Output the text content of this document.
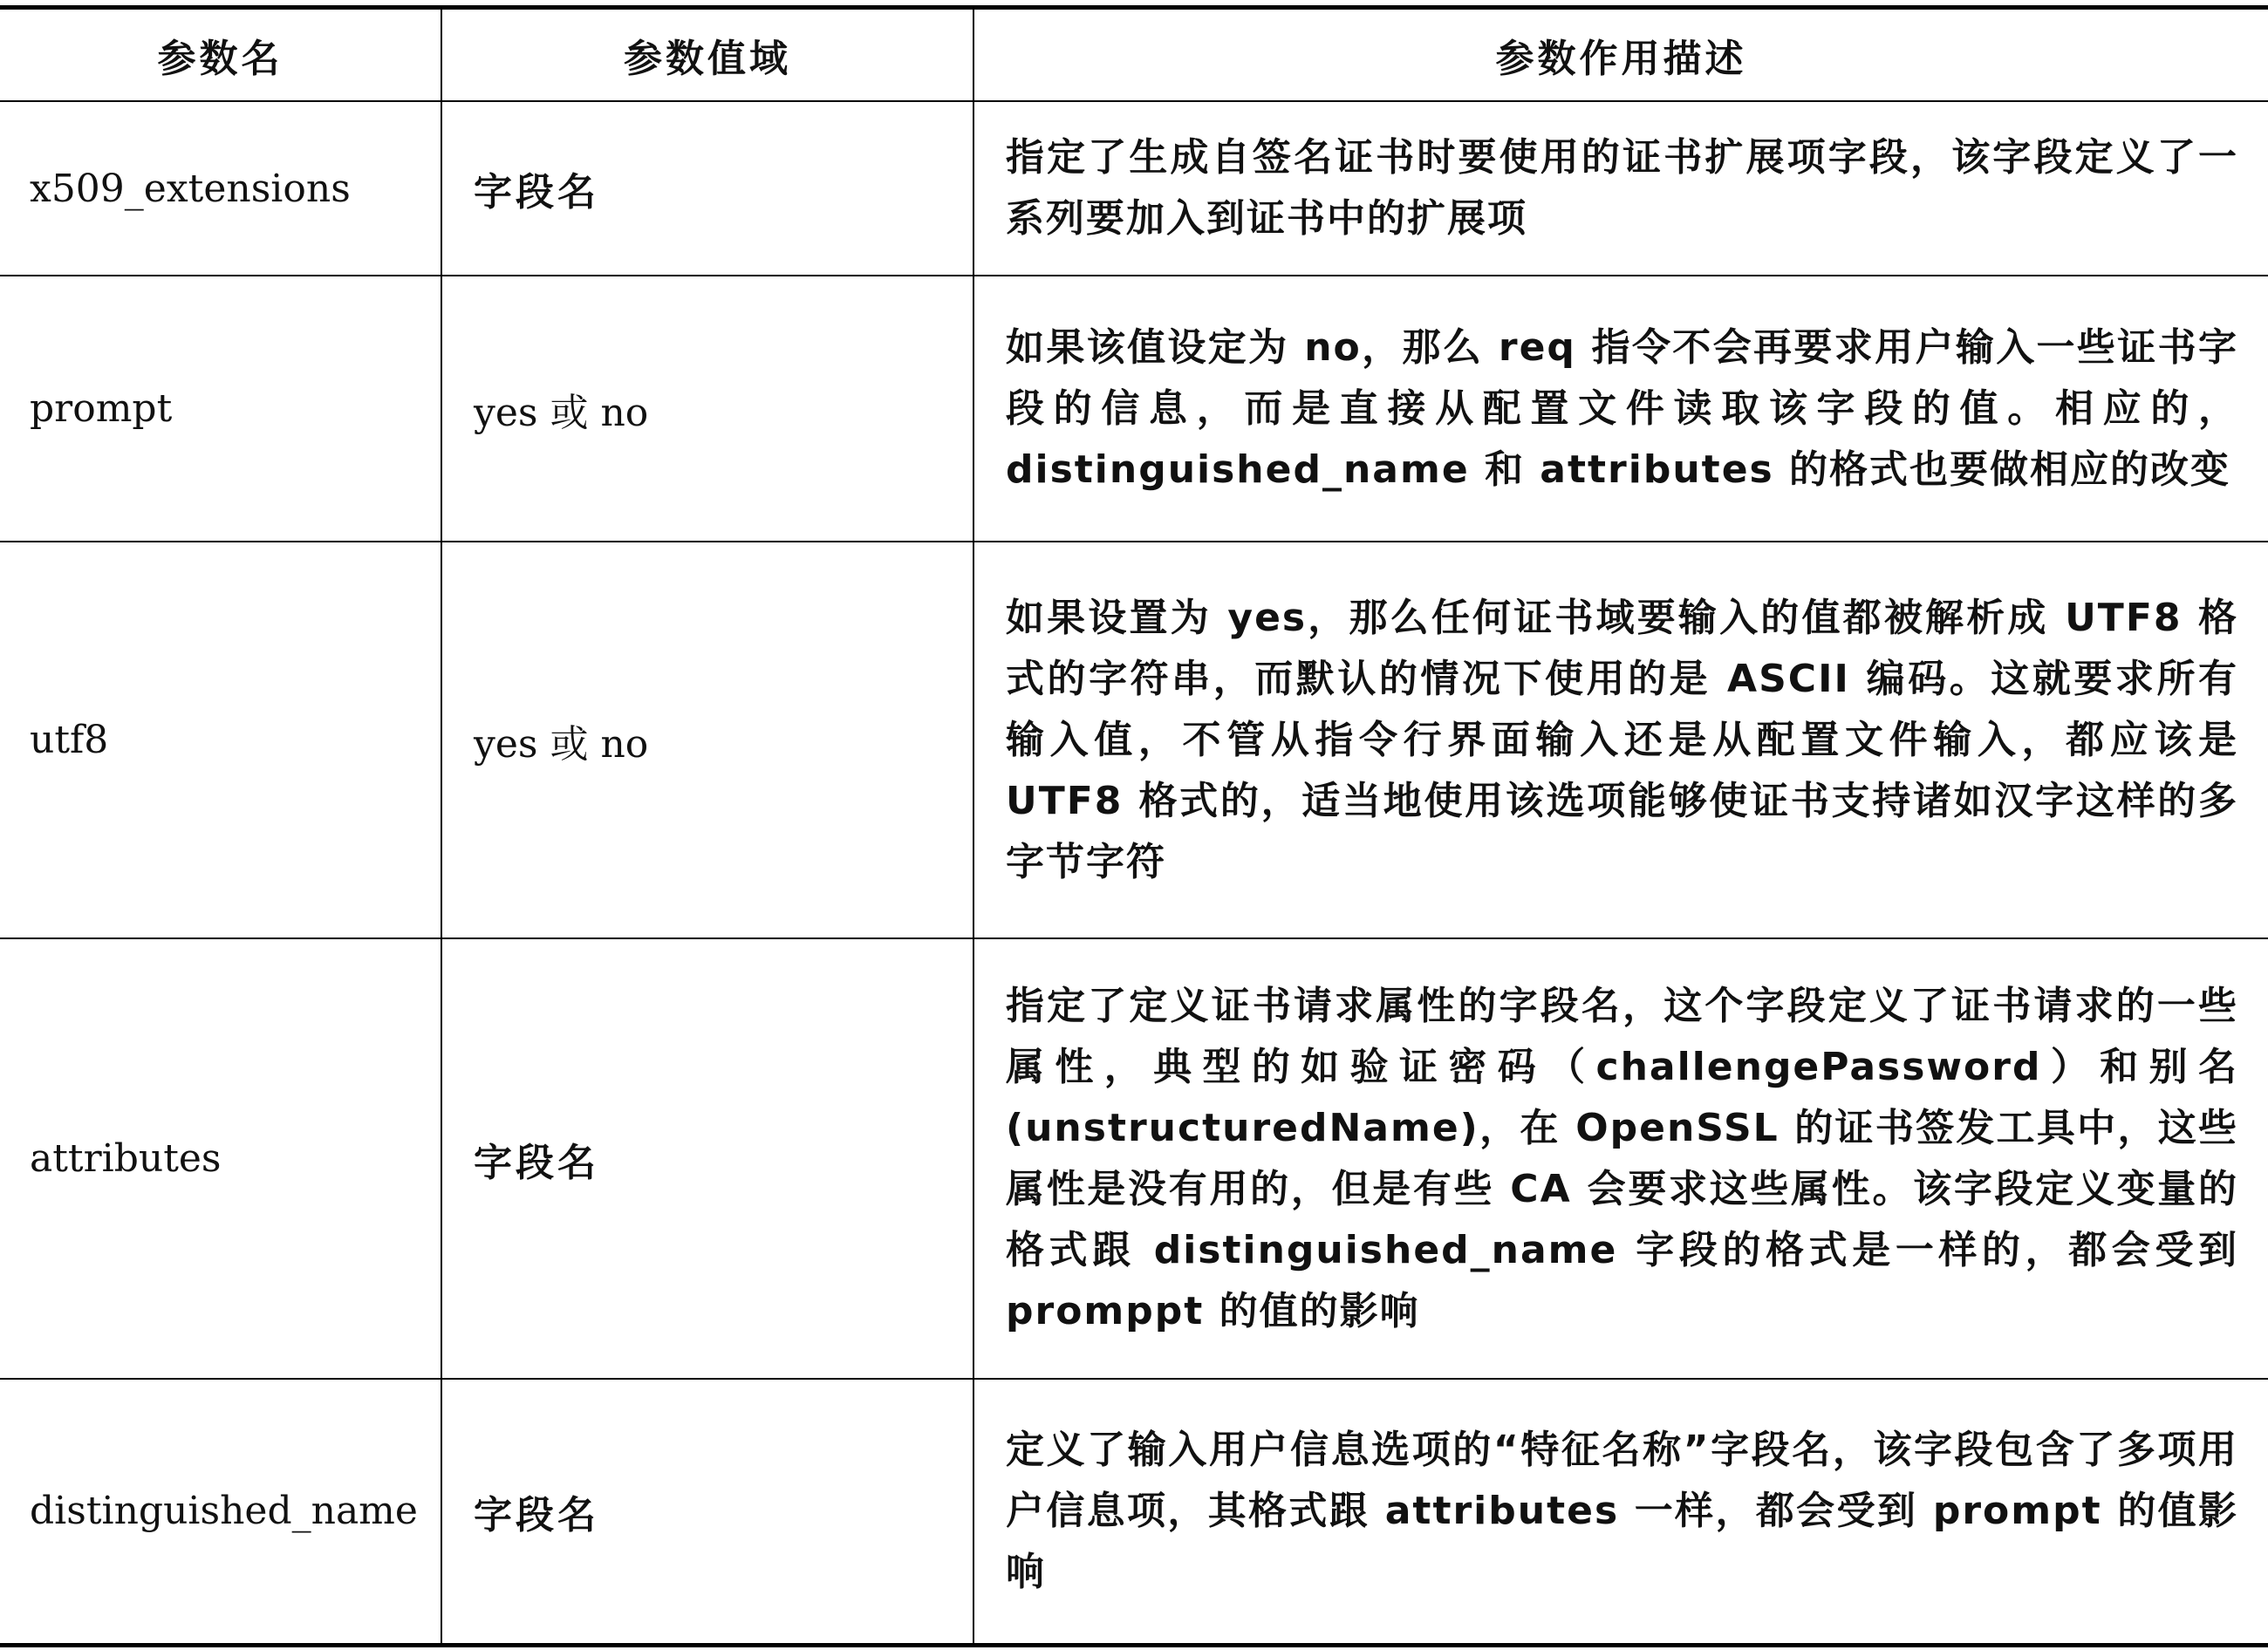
参数名	参数值域	参数作用描述
x509_extensions	字段名	指定了生成自签名证书时要使用的证书扩展项字段，该字段定义了一系列要加入到证书中的扩展项
prompt	yes 或 no	如果该值设定为 no，那么 req 指令不会再要求用户输入一些证书字段的信息，而是直接从配置文件读取该字段的值。相应的，distinguished_name 和 attributes 的格式也要做相应的改变
utf8	yes 或 no	如果设置为 yes，那么任何证书域要输入的值都被解析成 UTF8 格式的字符串，而默认的情况下使用的是 ASCII 编码。这就要求所有输入值，不管从指令行界面输入还是从配置文件输入，都应该是 UTF8 格式的，适当地使用该选项能够使证书支持诸如汉字这样的多字节字符
attributes	字段名	指定了定义证书请求属性的字段名，这个字段定义了证书请求的一些属性，典型的如验证密码（challengePassword）和别名(unstructuredName)，在 OpenSSL 的证书签发工具中，这些属性是没有用的，但是有些 CA 会要求这些属性。该字段定义变量的格式跟 distinguished_name 字段的格式是一样的，都会受到 promppt 的值的影响
distinguished_name	字段名	定义了输入用户信息选项的“特征名称”字段名，该字段包含了多项用户信息项，其格式跟 attributes 一样，都会受到 prompt 的值影响
